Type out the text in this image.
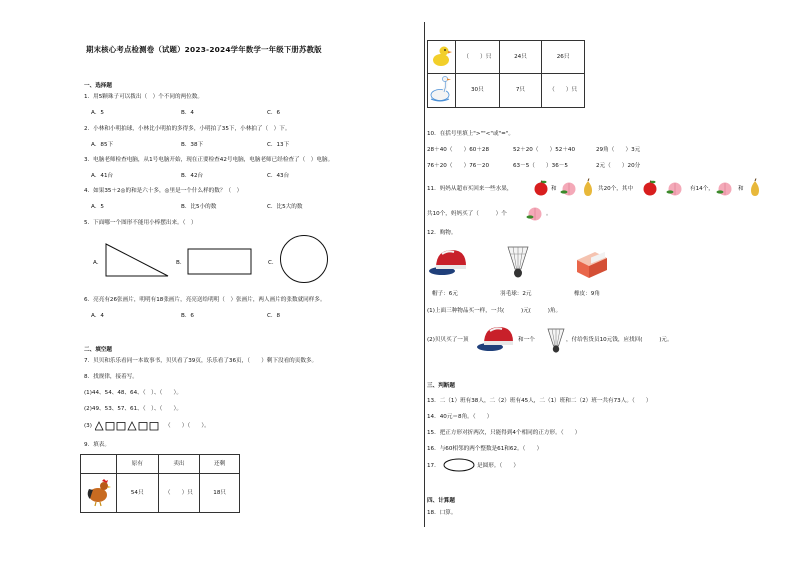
期末核心考点检测卷（试题）2023-2024学年数学一年级下册苏教版
一、选择题
1．用5颗珠子可以拨出（　）个不同的两位数。
A．5	B．4	C．6
2．小林和小明拍球，小林比小明拍的多得多，小明拍了35下，小林拍了（　）下。
A．85下	B．38下	C．13下
3．电脑老师检查电脑，从1号电脑开始，现在正要检查42号电脑，电脑老师已经检查了（　）电脑。
A．41台	B．42台	C．43台
4．如果35＋2◎的和是六十多，◎里是一个什么样的数？（　）
A．5	B．比5小的数	C．比5大的数
5．下面哪一个图形不能用小棒摆出来。（　）
A．	B．	C．
6．亮亮有26张画片，明明有18张画片，亮亮送给明明（　）张画片，两人画片的张数就同样多。
A．4	B．6	C．8
二、填空题
7．贝贝和乐乐看同一本故事书，贝贝看了39页，乐乐看了36页，（　　）剩下没看的页数多。
8．找规律，接着写。
(1)44、54、48、64、（　）、（　　）。
(2)49、53、57、61、（　）、（　　）。
(3)	（　　）（　　）。
9．填表。
	原有	卖出	还剩
	54只	（　　）只	18只
	（　　）只	24只	26只
	30只	7只	（　　）只
10．在括号里填上">""<"或"="。
28＋40（　　）60＋28	52＋20（　　）52＋40	29角（　　）3元
76＋20（　　）76－20	63－5（　　）36－5	2元（　　）20分
11．妈妈从超市买回来一些水果，	和	共20个，其中	有14个，	和
共10个，妈妈买了（　　　）个	。
12．购物。
帽子：6元	羽毛球：2元	橡皮：9角
(1)上面三种物品买一样，一共(　　　)元(　　　)角。
(2)贝贝买了一顶	和一个	，付给售货员10元钱，应找回(　　　)元。
三、判断题
13．二（1）班有38人，二（2）班有45人，二（1）班和二（2）班一共有73人。（　　）
14．40元＝8角。（　　）
15．把正方形对折两次，只能得到4个相同的正方形。（　　）
16．与60相邻的两个整数是61和62。（　　）
17．	是圆形。（　　）
四、计算题
18．口算。
